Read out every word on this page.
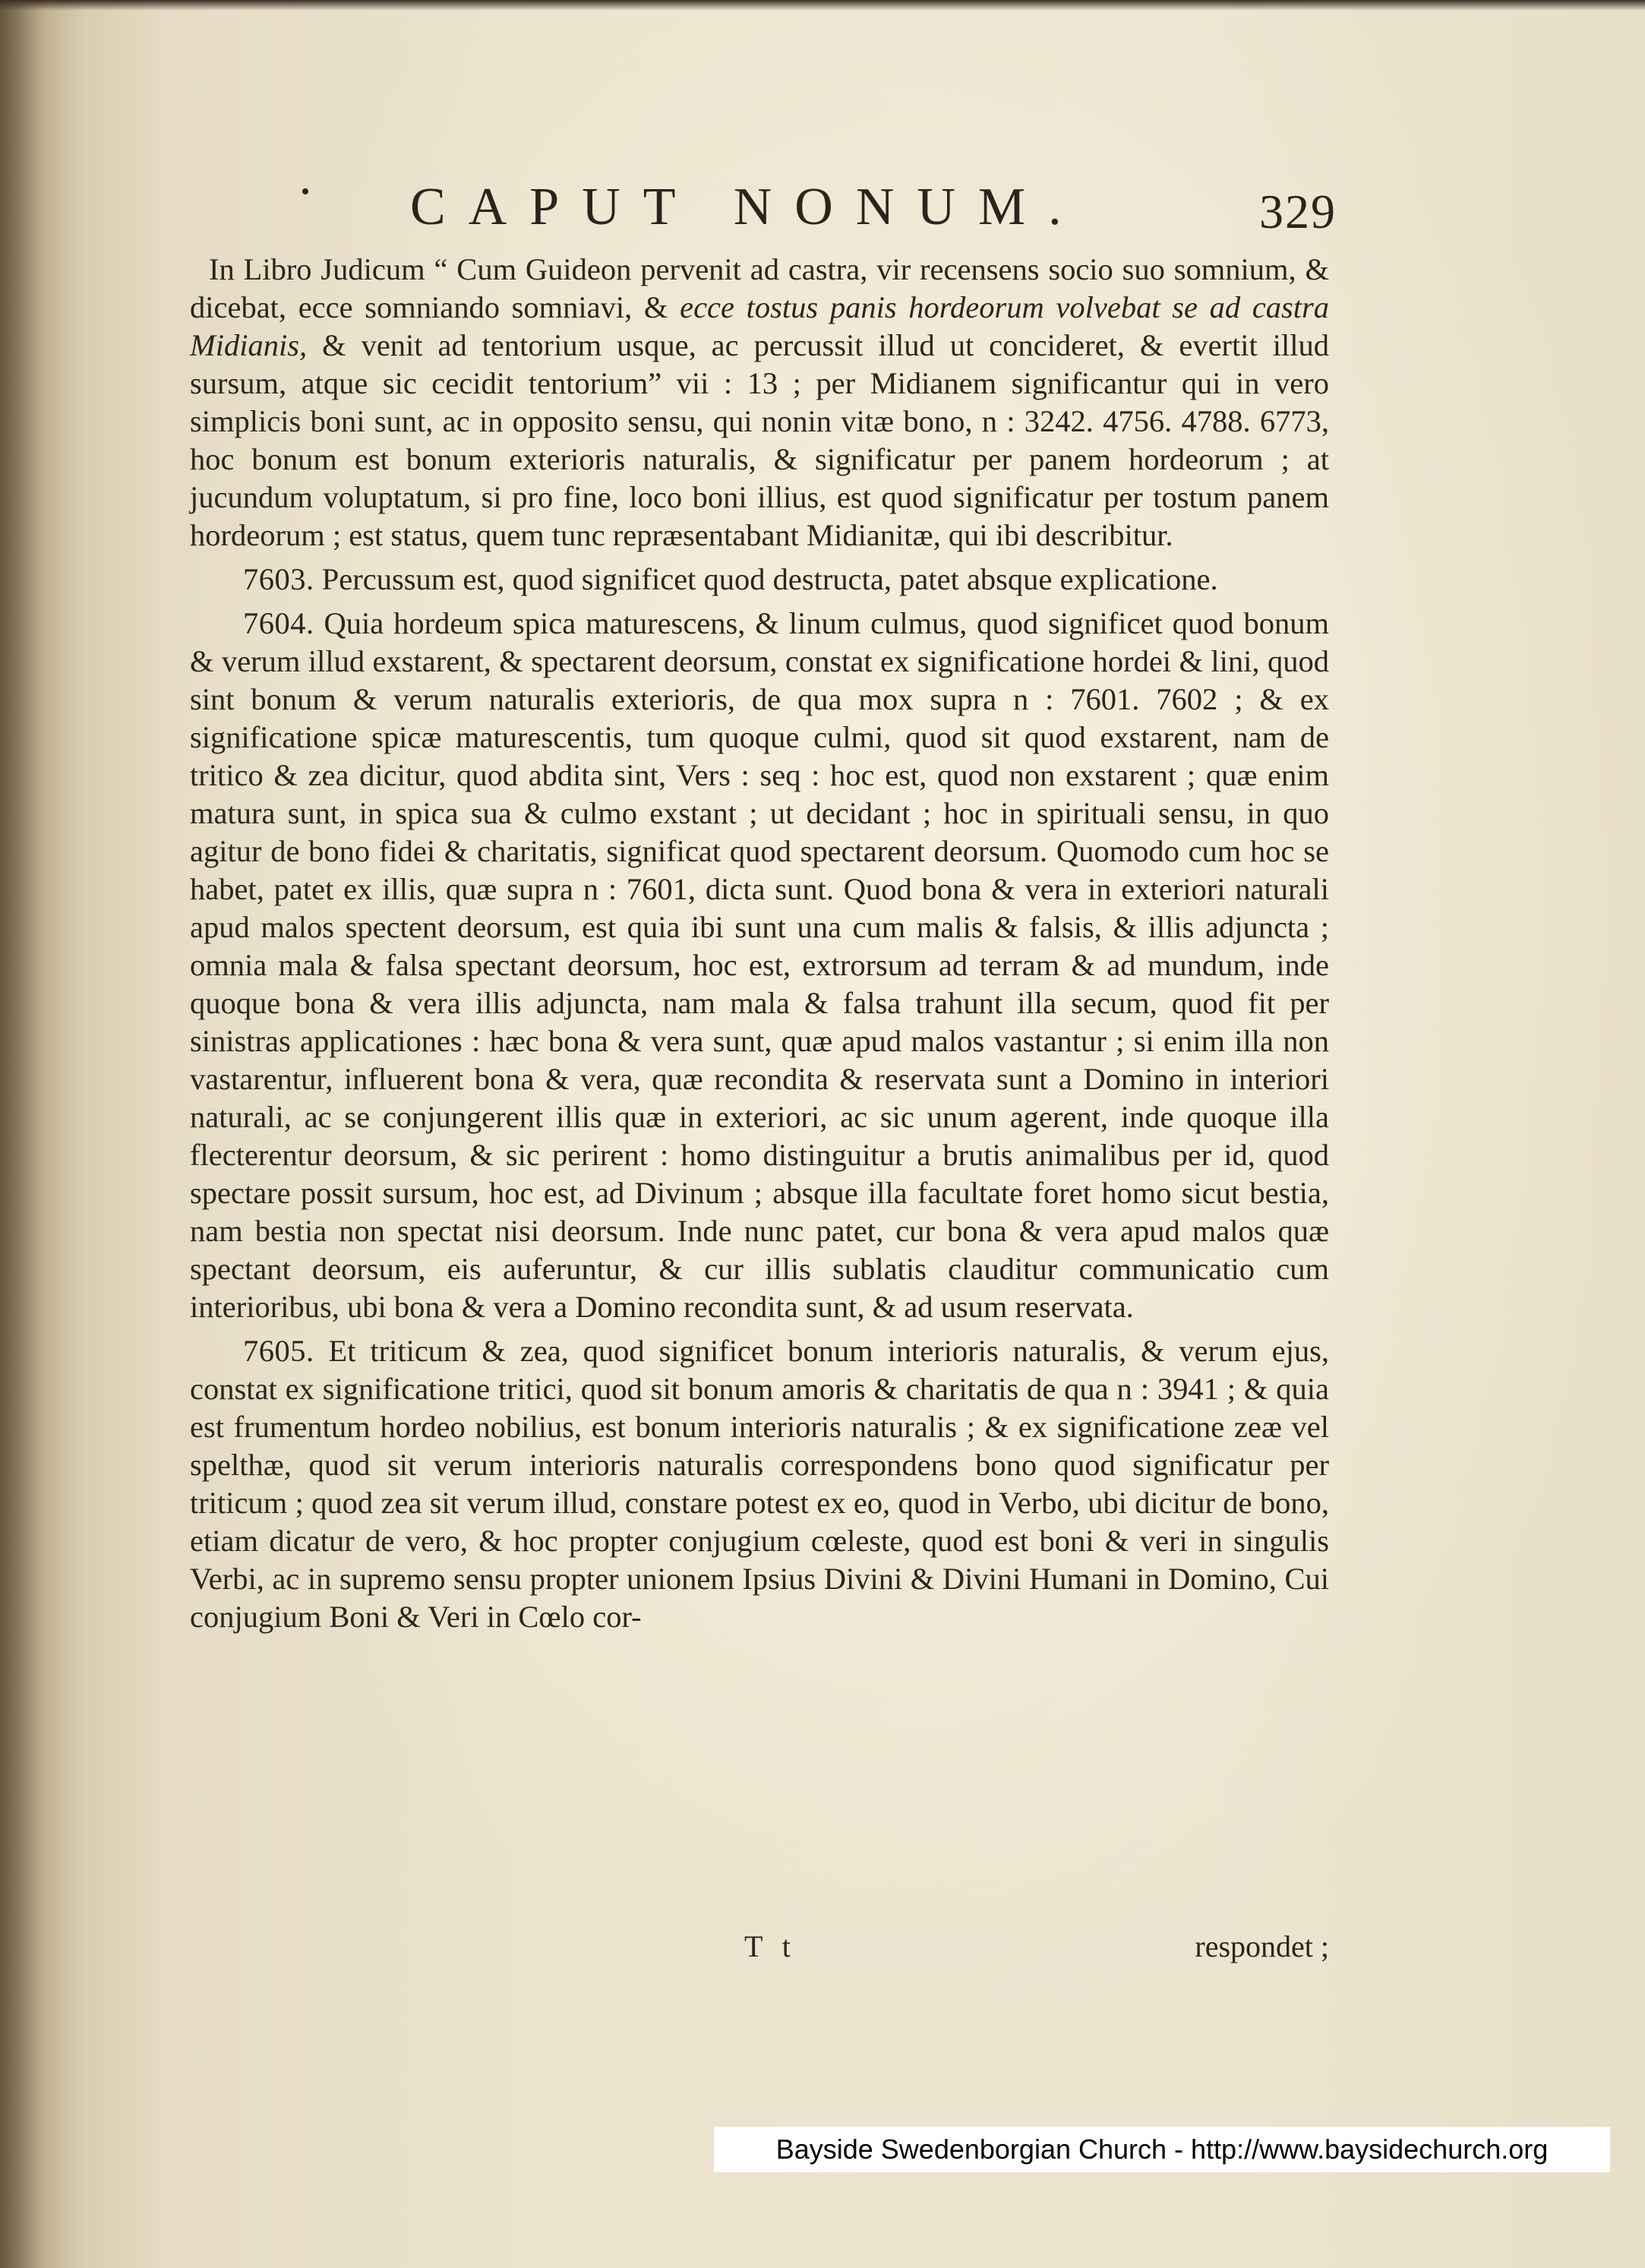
CAPUT NONUM.	329

In Libro Judicum “ Cum Guideon pervenit ad castra, vir recensens socio suo somnium, & dicebat, ecce somniando somniavi, & ecce tostus panis hordeorum volvebat se ad castra Midianis, & venit ad tentorium usque, ac percussit illud ut concideret, & evertit illud sursum, atque sic cecidit tentorium” vii : 13 ; per Midianem significantur qui in vero simplicis boni sunt, ac in opposito sensu, qui nonin vitæ bono, n : 3242. 4756. 4788. 6773, hoc bonum est bonum exterioris naturalis, & significatur per panem hordeorum ; at jucundum voluptatum, si pro fine, loco boni illius, est quod significatur per tostum panem hordeorum ; est status, quem tunc repræsentabant Midianitæ, qui ibi describitur.

7603. Percussum est, quod significet quod destructa, patet absque explicatione.

7604. Quia hordeum spica maturescens, & linum culmus, quod significet quod bonum & verum illud exstarent, & spectarent deorsum, constat ex significatione hordei & lini, quod sint bonum & verum naturalis exterioris, de qua mox supra n : 7601. 7602 ; & ex significatione spicæ maturescentis, tum quoque culmi, quod sit quod exstarent, nam de tritico & zea dicitur, quod abdita sint, Vers : seq : hoc est, quod non exstarent ; quæ enim matura sunt, in spica sua & culmo exstant ; ut decidant ; hoc in spirituali sensu, in quo agitur de bono fidei & charitatis, significat quod spectarent deorsum. Quomodo cum hoc se habet, patet ex illis, quæ supra n : 7601, dicta sunt. Quod bona & vera in exteriori naturali apud malos spectent deorsum, est quia ibi sunt una cum malis & falsis, & illis adjuncta ; omnia mala & falsa spectant deorsum, hoc est, extrorsum ad terram & ad mundum, inde quoque bona & vera illis adjuncta, nam mala & falsa trahunt illa secum, quod fit per sinistras applicationes : hæc bona & vera sunt, quæ apud malos vastantur ; si enim illa non vastarentur, influerent bona & vera, quæ recondita & reservata sunt a Domino in interiori naturali, ac se conjungerent illis quæ in exteriori, ac sic unum agerent, inde quoque illa flecterentur deorsum, & sic perirent : homo distinguitur a brutis animalibus per id, quod spectare possit sursum, hoc est, ad Divinum ; absque illa facultate foret homo sicut bestia, nam bestia non spectat nisi deorsum. Inde nunc patet, cur bona & vera apud malos quæ spectant deorsum, eis auferuntur, & cur illis sublatis clauditur communicatio cum interioribus, ubi bona & vera a Domino recondita sunt, & ad usum reservata.

7605. Et triticum & zea, quod significet bonum interioris naturalis, & verum ejus, constat ex significatione tritici, quod sit bonum amoris & charitatis de qua n : 3941 ; & quia est frumentum hordeo nobilius, est bonum interioris naturalis ; & ex significatione zeæ vel spelthæ, quod sit verum interioris naturalis correspondens bono quod significatur per triticum ; quod zea sit verum illud, constare potest ex eo, quod in Verbo, ubi dicitur de bono, etiam dicatur de vero, & hoc propter conjugium cœleste, quod est boni & veri in singulis Verbi, ac in supremo sensu propter unionem Ipsius Divini & Divini Humani in Domino, Cui conjugium Boni & Veri in Cœlo cor-

T t	respondet ;
Bayside Swedenborgian Church - http://www.baysidechurch.org
